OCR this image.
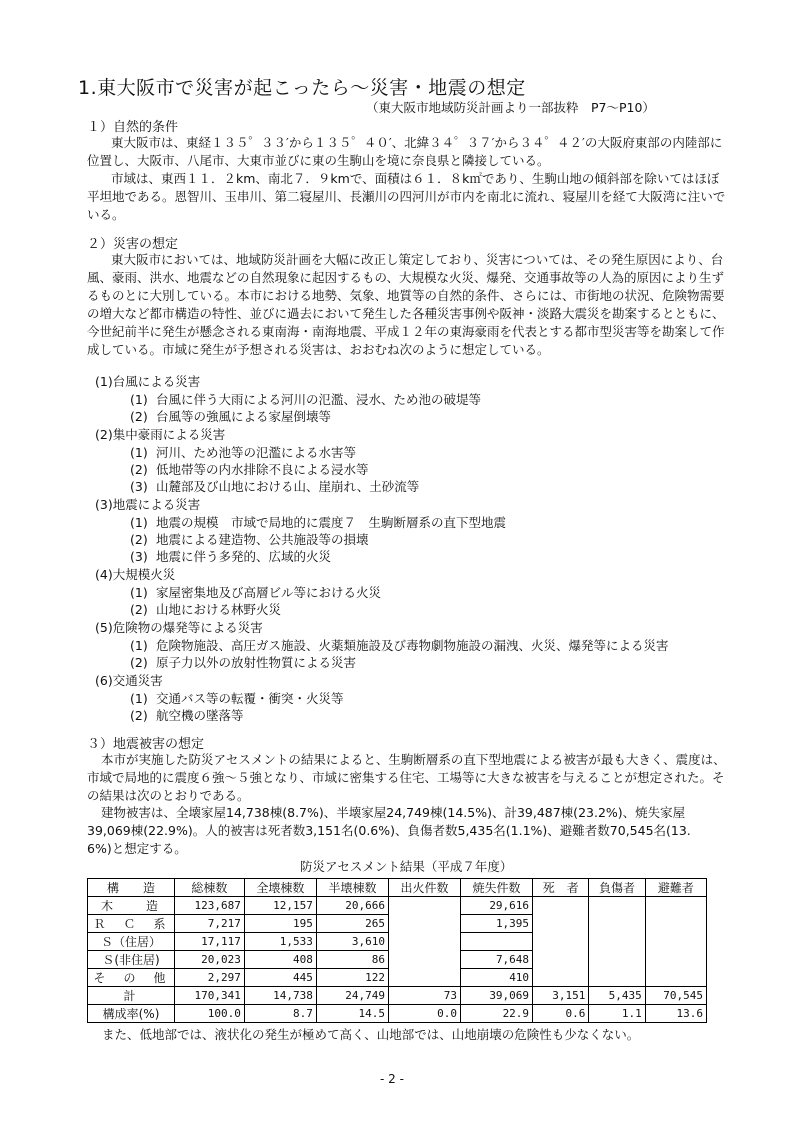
1.東大阪市で災害が起こったら～災害・地震の想定
（東大阪市地域防災計画より一部抜粋　P7～P10）
１）自然的条件
東大阪市は、東経１３５゜３３′から１３５゜４０′、北緯３４゜３７′から３４゜４２′の大阪府東部の内陸部に位置し、大阪市、八尾市、大東市並びに東の生駒山を境に奈良県と隣接している。
市域は、東西１１．２km、南北７．９kmで、面積は６１．８k㎡であり、生駒山地の傾斜部を除いてはほぼ平坦地である。恩智川、玉串川、第二寝屋川、長瀬川の四河川が市内を南北に流れ、寝屋川を経て大阪湾に注いでいる。
２）災害の想定
東大阪市においては、地域防災計画を大幅に改正し策定しており、災害については、その発生原因により、台風、豪雨、洪水、地震などの自然現象に起因するもの、大規模な火災、爆発、交通事故等の人為的原因により生ずるものとに大別している。本市における地勢、気象、地質等の自然的条件、さらには、市街地の状況、危険物需要の増大など都市構造の特性、並びに過去において発生した各種災害事例や阪神・淡路大震災を勘案するとともに、今世紀前半に発生が懸念される東南海・南海地震、平成１２年の東海豪雨を代表とする都市型災害等を勘案して作成している。市域に発生が予想される災害は、おおむね次のように想定している。
(1)台風による災害
(1) 台風に伴う大雨による河川の氾濫、浸水、ため池の破堤等
(2) 台風等の強風による家屋倒壊等
(2)集中豪雨による災害
(1) 河川、ため池等の氾濫による水害等
(2) 低地帯等の内水排除不良による浸水等
(3) 山麓部及び山地における山、崖崩れ、土砂流等
(3)地震による災害
(1) 地震の規模　市域で局地的に震度７　生駒断層系の直下型地震
(2) 地震による建造物、公共施設等の損壊
(3) 地震に伴う多発的、広域的火災
(4)大規模火災
(1) 家屋密集地及び高層ビル等における火災
(2) 山地における林野火災
(5)危険物の爆発等による災害
(1) 危険物施設、高圧ガス施設、火薬類施設及び毒物劇物施設の漏洩、火災、爆発等による災害
(2) 原子力以外の放射性物質による災害
(6)交通災害
(1) 交通バス等の転覆・衝突・火災等
(2) 航空機の墜落等
３）地震被害の想定
本市が実施した防災アセスメントの結果によると、生駒断層系の直下型地震による被害が最も大きく、震度は、市域で局地的に震度６強～５強となり、市域に密集する住宅、工場等に大きな被害を与えることが想定された。その結果は次のとおりである。
建物被害は、全壊家屋14,738棟(8.7%)、半壊家屋24,749棟(14.5%)、計39,487棟(23.2%)、焼失家屋39,069棟(22.9%)。人的被害は死者数3,151名(0.6%)、負傷者数5,435名(1.1%)、避難者数70,545名(13.　6%)と想定する。
防災アセスメント結果（平成７年度）
構　　造	総棟数	全壊棟数	半壊棟数	出火件数	焼失件数	死　者	負傷者	避難者
木　　造	123,687	12,157	20,666		29,616			
Ｒ　Ｃ　系	7,217	195	265		1,395			
Ｓ（住居）	17,117	1,533	3,610					
Ｓ(非住居)	20,023	408	86		7,648			
そ　の　他	2,297	445	122		410			
計	170,341	14,738	24,749	73	39,069	3,151	5,435	70,545
構成率(%)	100.0	8.7	14.5	0.0	22.9	0.6	1.1	13.6
また、低地部では、液状化の発生が極めて高く、山地部では、山地崩壊の危険性も少なくない。
- 2 -
